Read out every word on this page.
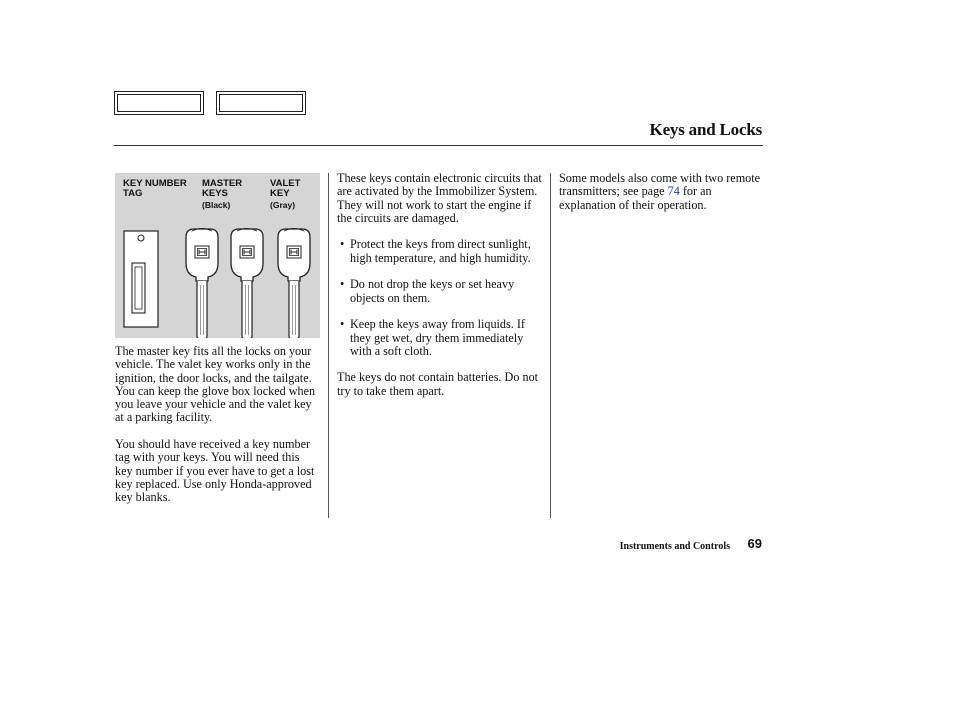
Keys and Locks
KEY NUMBER TAG
MASTER KEYS
(Black)
VALET KEY
(Gray)

The master key fits all the locks on your vehicle. The valet key works only in the ignition, the door locks, and the tailgate. You can keep the glove box locked when you leave your vehicle and the valet key at a parking facility.

You should have received a key number tag with your keys. You will need this key number if you ever have to get a lost key replaced. Use only Honda-approved key blanks.

These keys contain electronic circuits that are activated by the Immobilizer System. They will not work to start the engine if the circuits are damaged.

• Protect the keys from direct sunlight, high temperature, and high humidity.
• Do not drop the keys or set heavy objects on them.
• Keep the keys away from liquids. If they get wet, dry them immediately with a soft cloth.

The keys do not contain batteries. Do not try to take them apart.

Some models also come with two remote transmitters; see page 74 for an explanation of their operation.

Instruments and Controls 69
